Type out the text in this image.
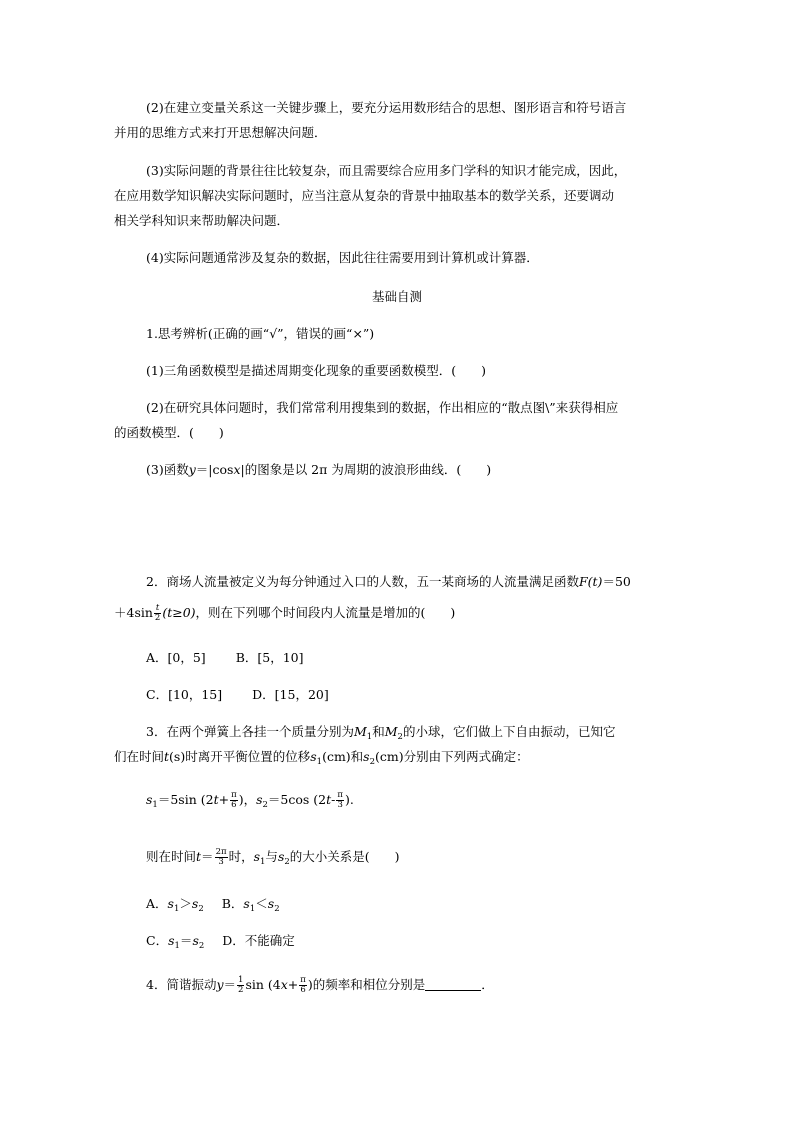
(2)在建立变量关系这一关键步骤上，要充分运用数形结合的思想、图形语言和符号语言
并用的思维方式来打开思想解决问题．
(3)实际问题的背景往往比较复杂，而且需要综合应用多门学科的知识才能完成，因此，
在应用数学知识解决实际问题时，应当注意从复杂的背景中抽取基本的数学关系，还要调动
相关学科知识来帮助解决问题．
(4)实际问题通常涉及复杂的数据，因此往往需要用到计算机或计算器．
基础自测
1.思考辨析(正确的画“√”，错误的画“×”)
(1)三角函数模型是描述周期变化现象的重要函数模型．(　　)
(2)在研究具体问题时，我们常常利用搜集到的数据，作出相应的“散点图\”来获得相应
的函数模型．(　　)
(3)函数y＝|cosx|的图象是以 2π 为周期的波浪形曲线．(　　)
2．商场人流量被定义为每分钟通过入口的人数，五一某商场的人流量满足函数F(t)＝50
$+4\sin \frac{t}{2} (t\ge 0)$，则在下列哪个时间段内人流量是增加的(　　)
A．[0，5] B．[5，10]
C．[10，15] D．[15，20]
3．在两个弹簧上各挂一个质量分别为$M_1$和$M_2$的小球，它们做上下自由振动，已知它
们在时间t(s)时离开平衡位置的位移$s_1(cm)$和$s_2(cm)$分别由下列两式确定：
$s_1=5\sin$ ($2t+ \frac{\pi}{6}$ )，$s_2=5\cos$ ($2t- \frac{\pi}{3}$ ).
则在时间$t= \frac{2\pi}{3}$ 时，$s_1$与$s_2$的大小关系是(　　)
A．$s_1>s_2$ B．$s_1<s_2$
C．$s_1=s_2$ D．不能确定
4．简谐振动$y= \frac{1}{2}$ $\sin (4x+ \frac{\pi}{6}$ )的频率和相位分别是	．
